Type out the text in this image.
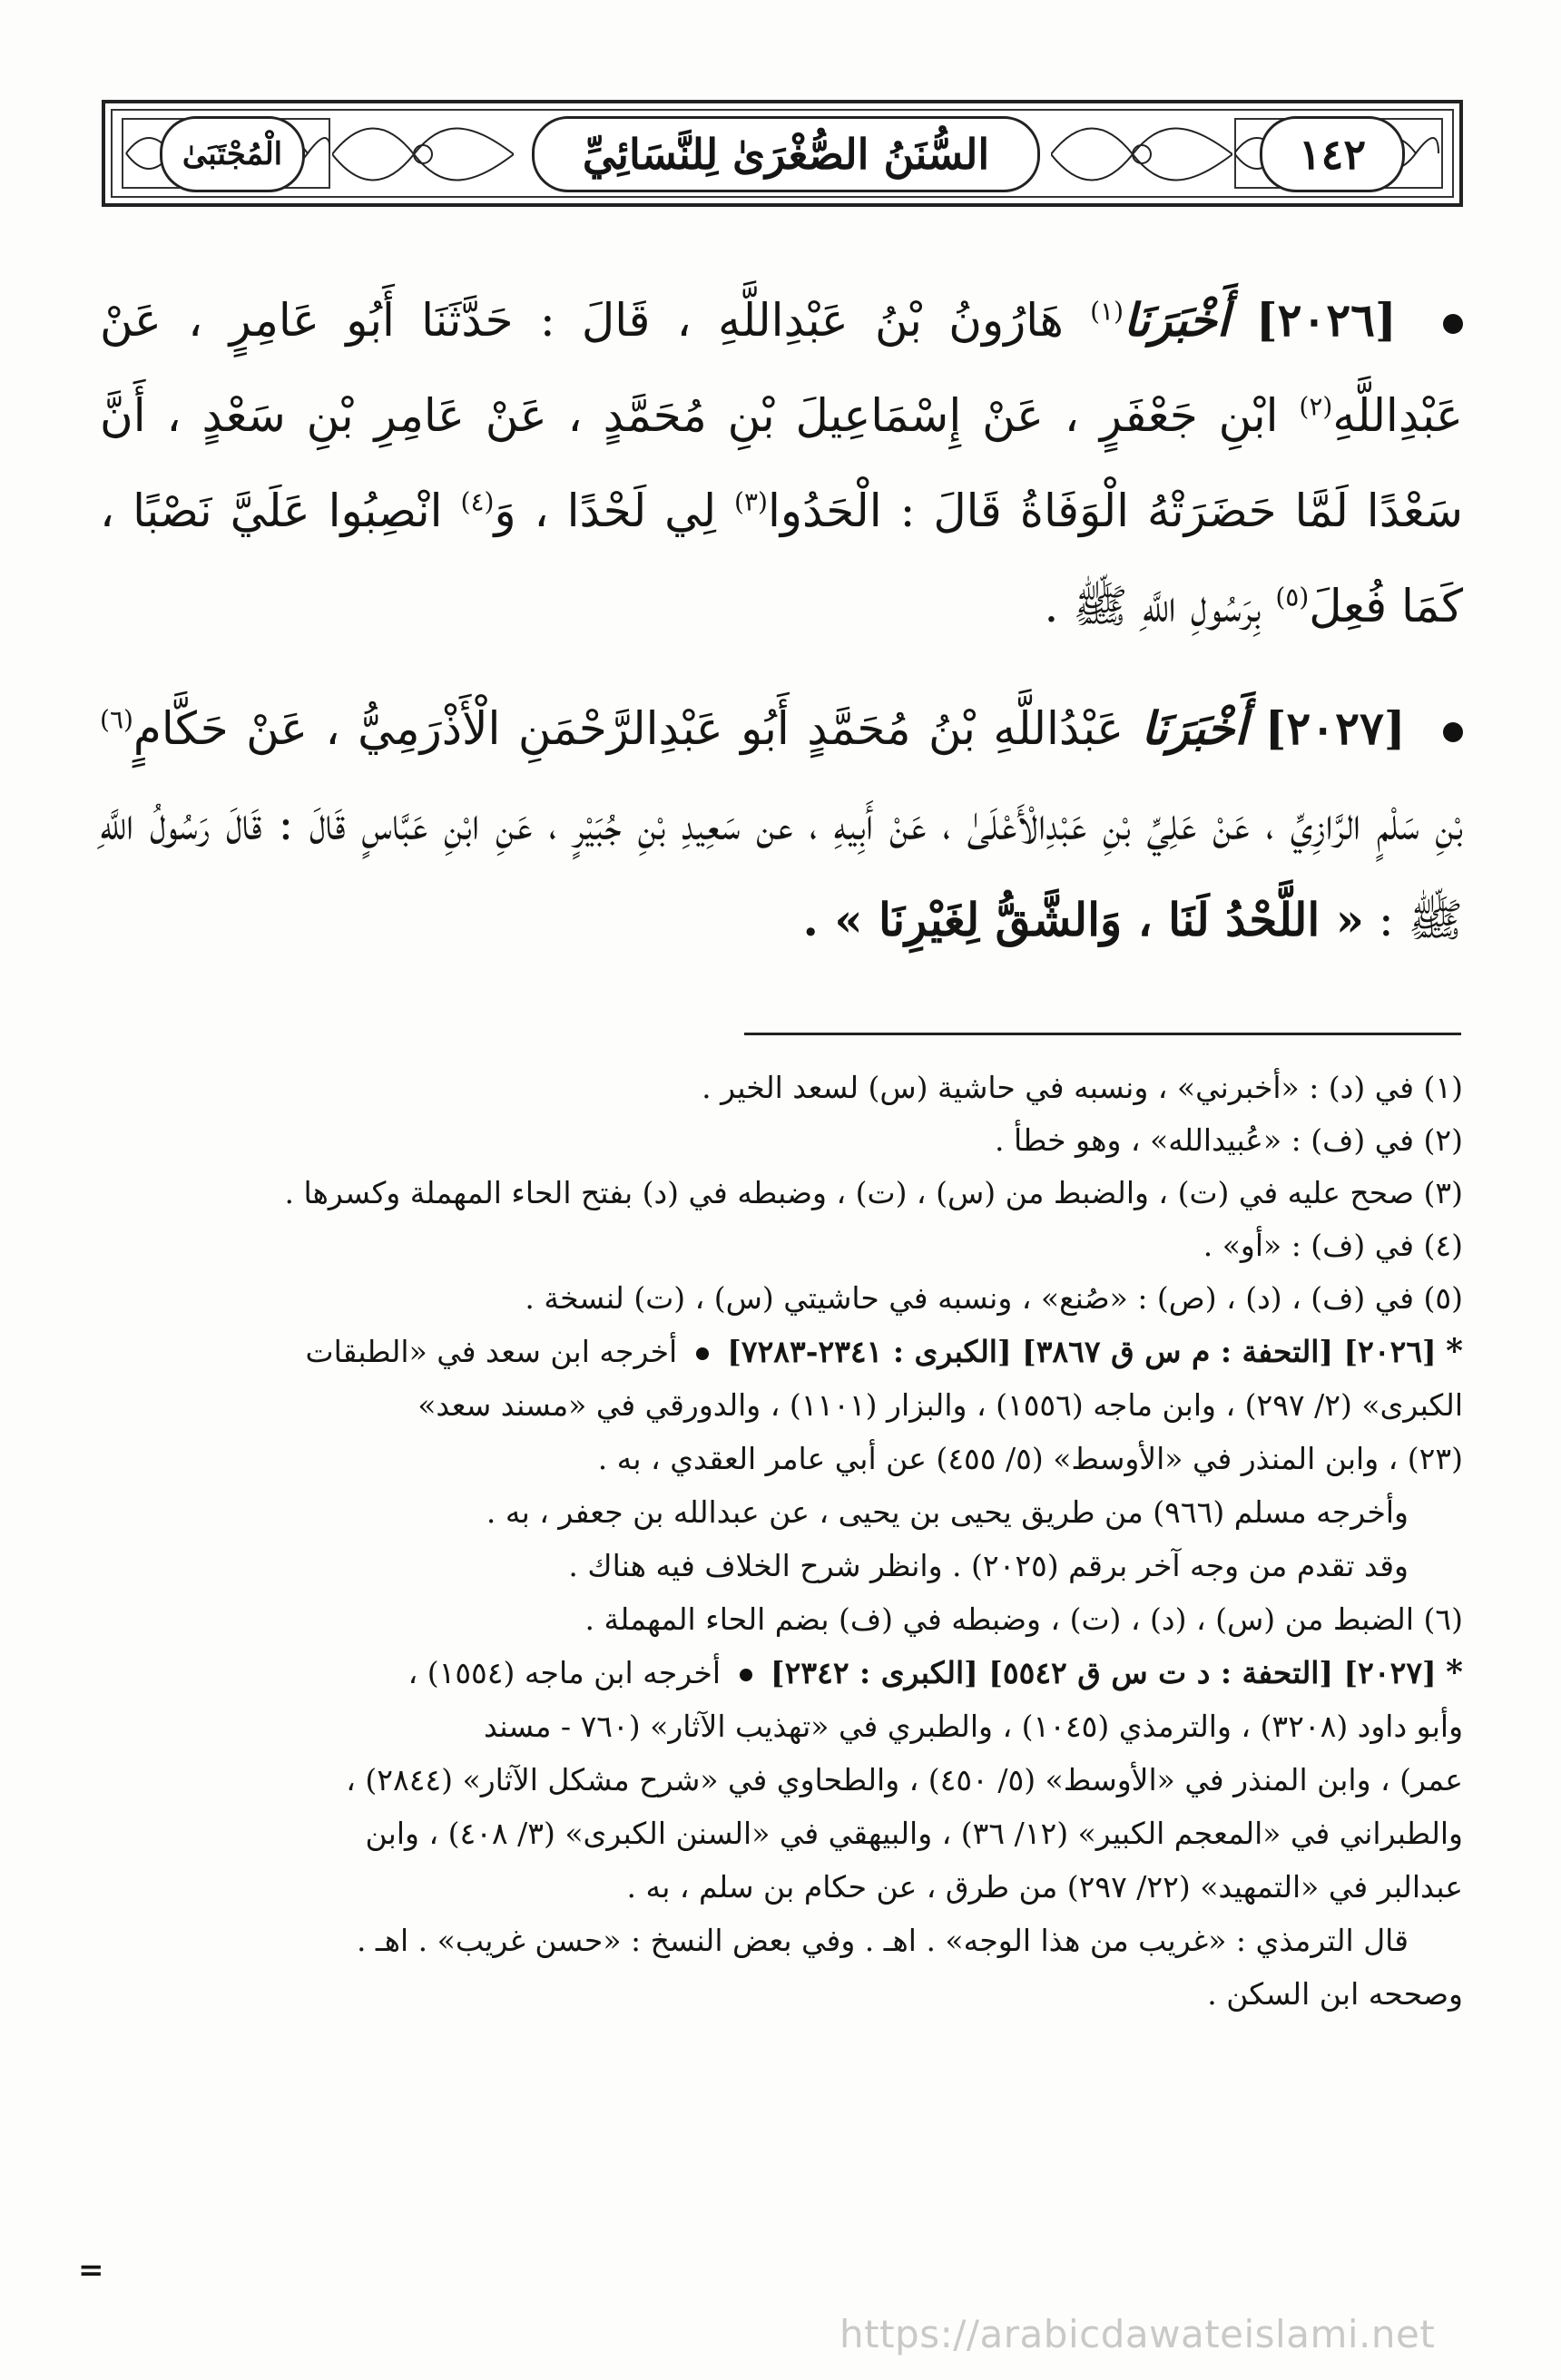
الْمُجْتَبَىٰ	السُّنَنُ الصُّغْرَىٰ لِلنَّسَائِيِّ	١٤٢
[٢٠٢٦] أَخْبَرَنَا$^{(١)}$ هَارُونُ بْنُ عَبْدِاللَّهِ ، قَالَ : حَدَّثَنَا أَبُو عَامِرٍ ، عَنْ عَبْدِاللَّهِ$^{(٢)}$ ابْنِ جَعْفَرٍ ، عَنْ إِسْمَاعِيلَ بْنِ مُحَمَّدٍ ، عَنْ عَامِرِ بْنِ سَعْدٍ ، أَنَّ سَعْدًا لَمَّا حَضَرَتْهُ الْوَفَاةُ قَالَ : الْحَدُوا$^{(٣)}$ لِي لَحْدًا ، وَ$^{(٤)}$ انْصِبُوا عَلَيَّ نَصْبًا ، كَمَا فُعِلَ$^{(٥)}$ بِرَسُولِ اللَّهِ ﷺ .
[٢٠٢٧] أَخْبَرَنَا عَبْدُاللَّهِ بْنُ مُحَمَّدٍ أَبُو عَبْدِالرَّحْمَنِ الْأَذْرَمِيُّ ، عَنْ حَكَّامٍ$^{(٦)}$ بْنِ سَلْمٍ الرَّازِيِّ ، عَنْ عَلِيِّ بْنِ عَبْدِالْأَعْلَىٰ ، عَنْ أَبِيهِ ، عن سَعِيدِ بْنِ جُبَيْرٍ ، عَنِ ابْنِ عَبَّاسٍ قَالَ : قَالَ رَسُولُ اللَّهِ ﷺ : « اللَّحْدُ لَنَا ، وَالشَّقُّ لِغَيْرِنَا » .
(١) في (د) : «أخبرني» ، ونسبه في حاشية (س) لسعد الخير .
(٢) في (ف) : «عُبيدالله» ، وهو خطأ .
(٣) صحح عليه في (ت) ، والضبط من (س) ، (ت) ، وضبطه في (د) بفتح الحاء المهملة وكسرها .
(٤) في (ف) : «أو» .
(٥) في (ف) ، (د) ، (ص) : «صُنع» ، ونسبه في حاشيتي (س) ، (ت) لنسخة .
* [٢٠٢٦] [التحفة : م س ق ٣٨٦٧] [الكبرى : ٢٣٤١-٧٢٨٣]  أخرجه ابن سعد في «الطبقات
الكبرى» (٢/ ٢٩٧) ، وابن ماجه (١٥٥٦) ، والبزار (١١٠١) ، والدورقي في «مسند سعد»
(٢٣) ، وابن المنذر في «الأوسط» (٥/ ٤٥٥) عن أبي عامر العقدي ، به .
وأخرجه مسلم (٩٦٦) من طريق يحيى بن يحيى ، عن عبدالله بن جعفر ، به .
وقد تقدم من وجه آخر برقم (٢٠٢٥) . وانظر شرح الخلاف فيه هناك .
(٦) الضبط من (س) ، (د) ، (ت) ، وضبطه في (ف) بضم الحاء المهملة .
* [٢٠٢٧] [التحفة : د ت س ق ٥٥٤٢] [الكبرى : ٢٣٤٢]  أخرجه ابن ماجه (١٥٥٤) ،
وأبو داود (٣٢٠٨) ، والترمذي (١٠٤٥) ، والطبري في «تهذيب الآثار» (٧٦٠ - مسند
عمر) ، وابن المنذر في «الأوسط» (٥/ ٤٥٠) ، والطحاوي في «شرح مشكل الآثار» (٢٨٤٤) ،
والطبراني في «المعجم الكبير» (١٢/ ٣٦) ، والبيهقي في «السنن الكبرى» (٣/ ٤٠٨) ، وابن
عبدالبر في «التمهيد» (٢٢/ ٢٩٧) من طرق ، عن حكام بن سلم ، به .
قال الترمذي : «غريب من هذا الوجه» . اهـ . وفي بعض النسخ : «حسن غريب» . اهـ .
وصححه ابن السكن .
=
https://arabicdawateislami.net
